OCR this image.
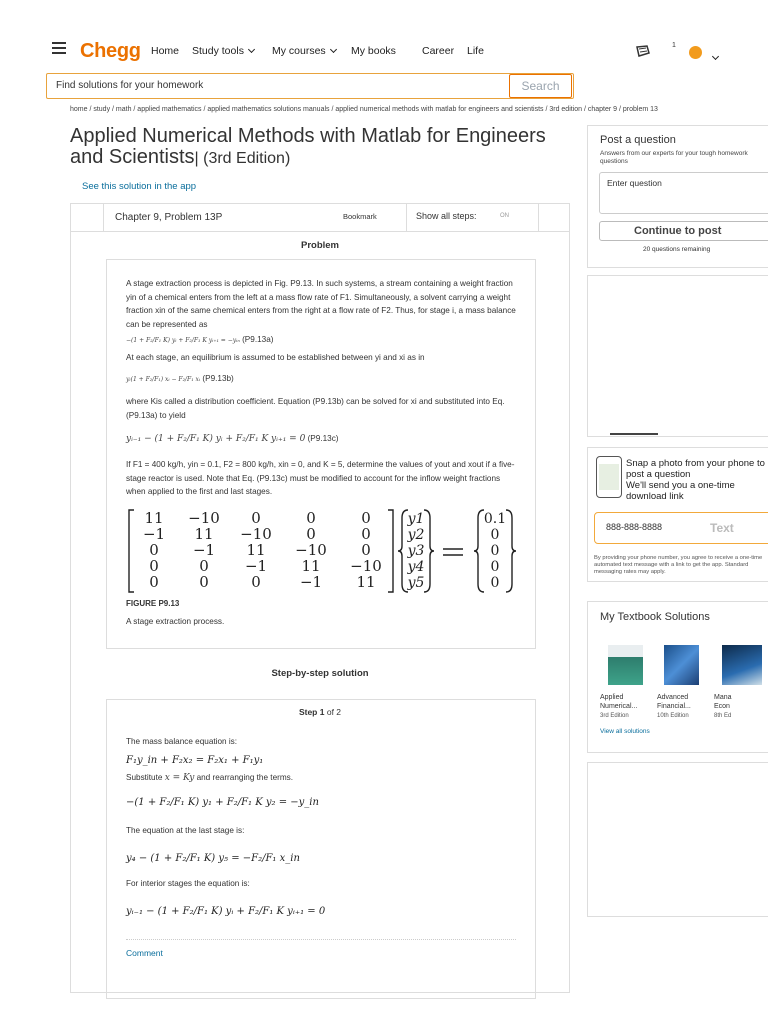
Chegg Home Study tools	My courses	My books Career Life	1
Find solutions for your homework	Search
home / study / math / applied mathematics / applied mathematics solutions manuals / applied numerical methods with matlab for engineers and scientists / 3rd edition / chapter 9 / problem 13
Applied Numerical Methods with Matlab for Engineers and Scientists| (3rd Edition)
See this solution in the app
Chapter 9, Problem 13P	Bookmark	Show all steps:	ON
Problem
A stage extraction process is depicted in Fig. P9.13. In such systems, a stream containing a weight fraction yin of a chemical enters from the left at a mass flow rate of F1. Simultaneously, a solvent carrying a weight fraction xin of the same chemical enters from the right at a flow rate of F2. Thus, for stage i, a mass balance can be represented as
−(1 + F₂/F₁ K) yᵢ + F₂/F₁ K yᵢ₊₁ = −yᵢₙ (P9.13a)
At each stage, an equilibrium is assumed to be established between yi and xi as in
yᵢ(1 + F₂/F₁) xᵢ − F₂/F₁ xᵢ (P9.13b)
where Kis called a distribution coefficient. Equation (P9.13b) can be solved for xi and substituted into Eq. (P9.13a) to yield
yᵢ₋₁ − (1 + F₂/F₁ K) yᵢ + F₂/F₁ K yᵢ₊₁ = 0 (P9.13c)
If F1 = 400 kg/h, yin = 0.1, F2 = 800 kg/h, xin = 0, and K = 5, determine the values of yout and xout if a five-stage reactor is used. Note that Eq. (P9.13c) must be modified to account for the inflow weight fractions when applied to the first and last stages.
11 −10 0	0	0
−1 11 −10 0	0
0 −1 11 −10 0
0	0 −1 11 −10
0	0	0	−1 11
y1
y2
y3
y4
y5
0.1
0
0
0
0
FIGURE P9.13
A stage extraction process.
Step-by-step solution
Step 1 of 2
The mass balance equation is:
F₁y_in + F₂x₂ = F₂x₁ + F₁y₁
Substitute x = Ky and rearranging the terms.
−(1 + F₂/F₁ K) y₁ + F₂/F₁ K y₂ = −y_in
The equation at the last stage is:
y₄ − (1 + F₂/F₁ K) y₅ = −F₂/F₁ x_in
For interior stages the equation is:
yᵢ₋₁ − (1 + F₂/F₁ K) yᵢ + F₂/F₁ K yᵢ₊₁ = 0
Comment
Post a question
Answers from our experts for your tough homework questions
Enter question
Continue to post
20 questions remaining
Snap a photo from your phone to post a question
We'll send you a one-time download link
888-888-8888	Text
By providing your phone number, you agree to receive a one-time automated text message with a link to get the app. Standard messaging rates may apply.
My Textbook Solutions
Applied
Numerical...
3rd Edition
Advanced
Financial...
10th Edition
Mana
Econ
8th Ed
View all solutions
